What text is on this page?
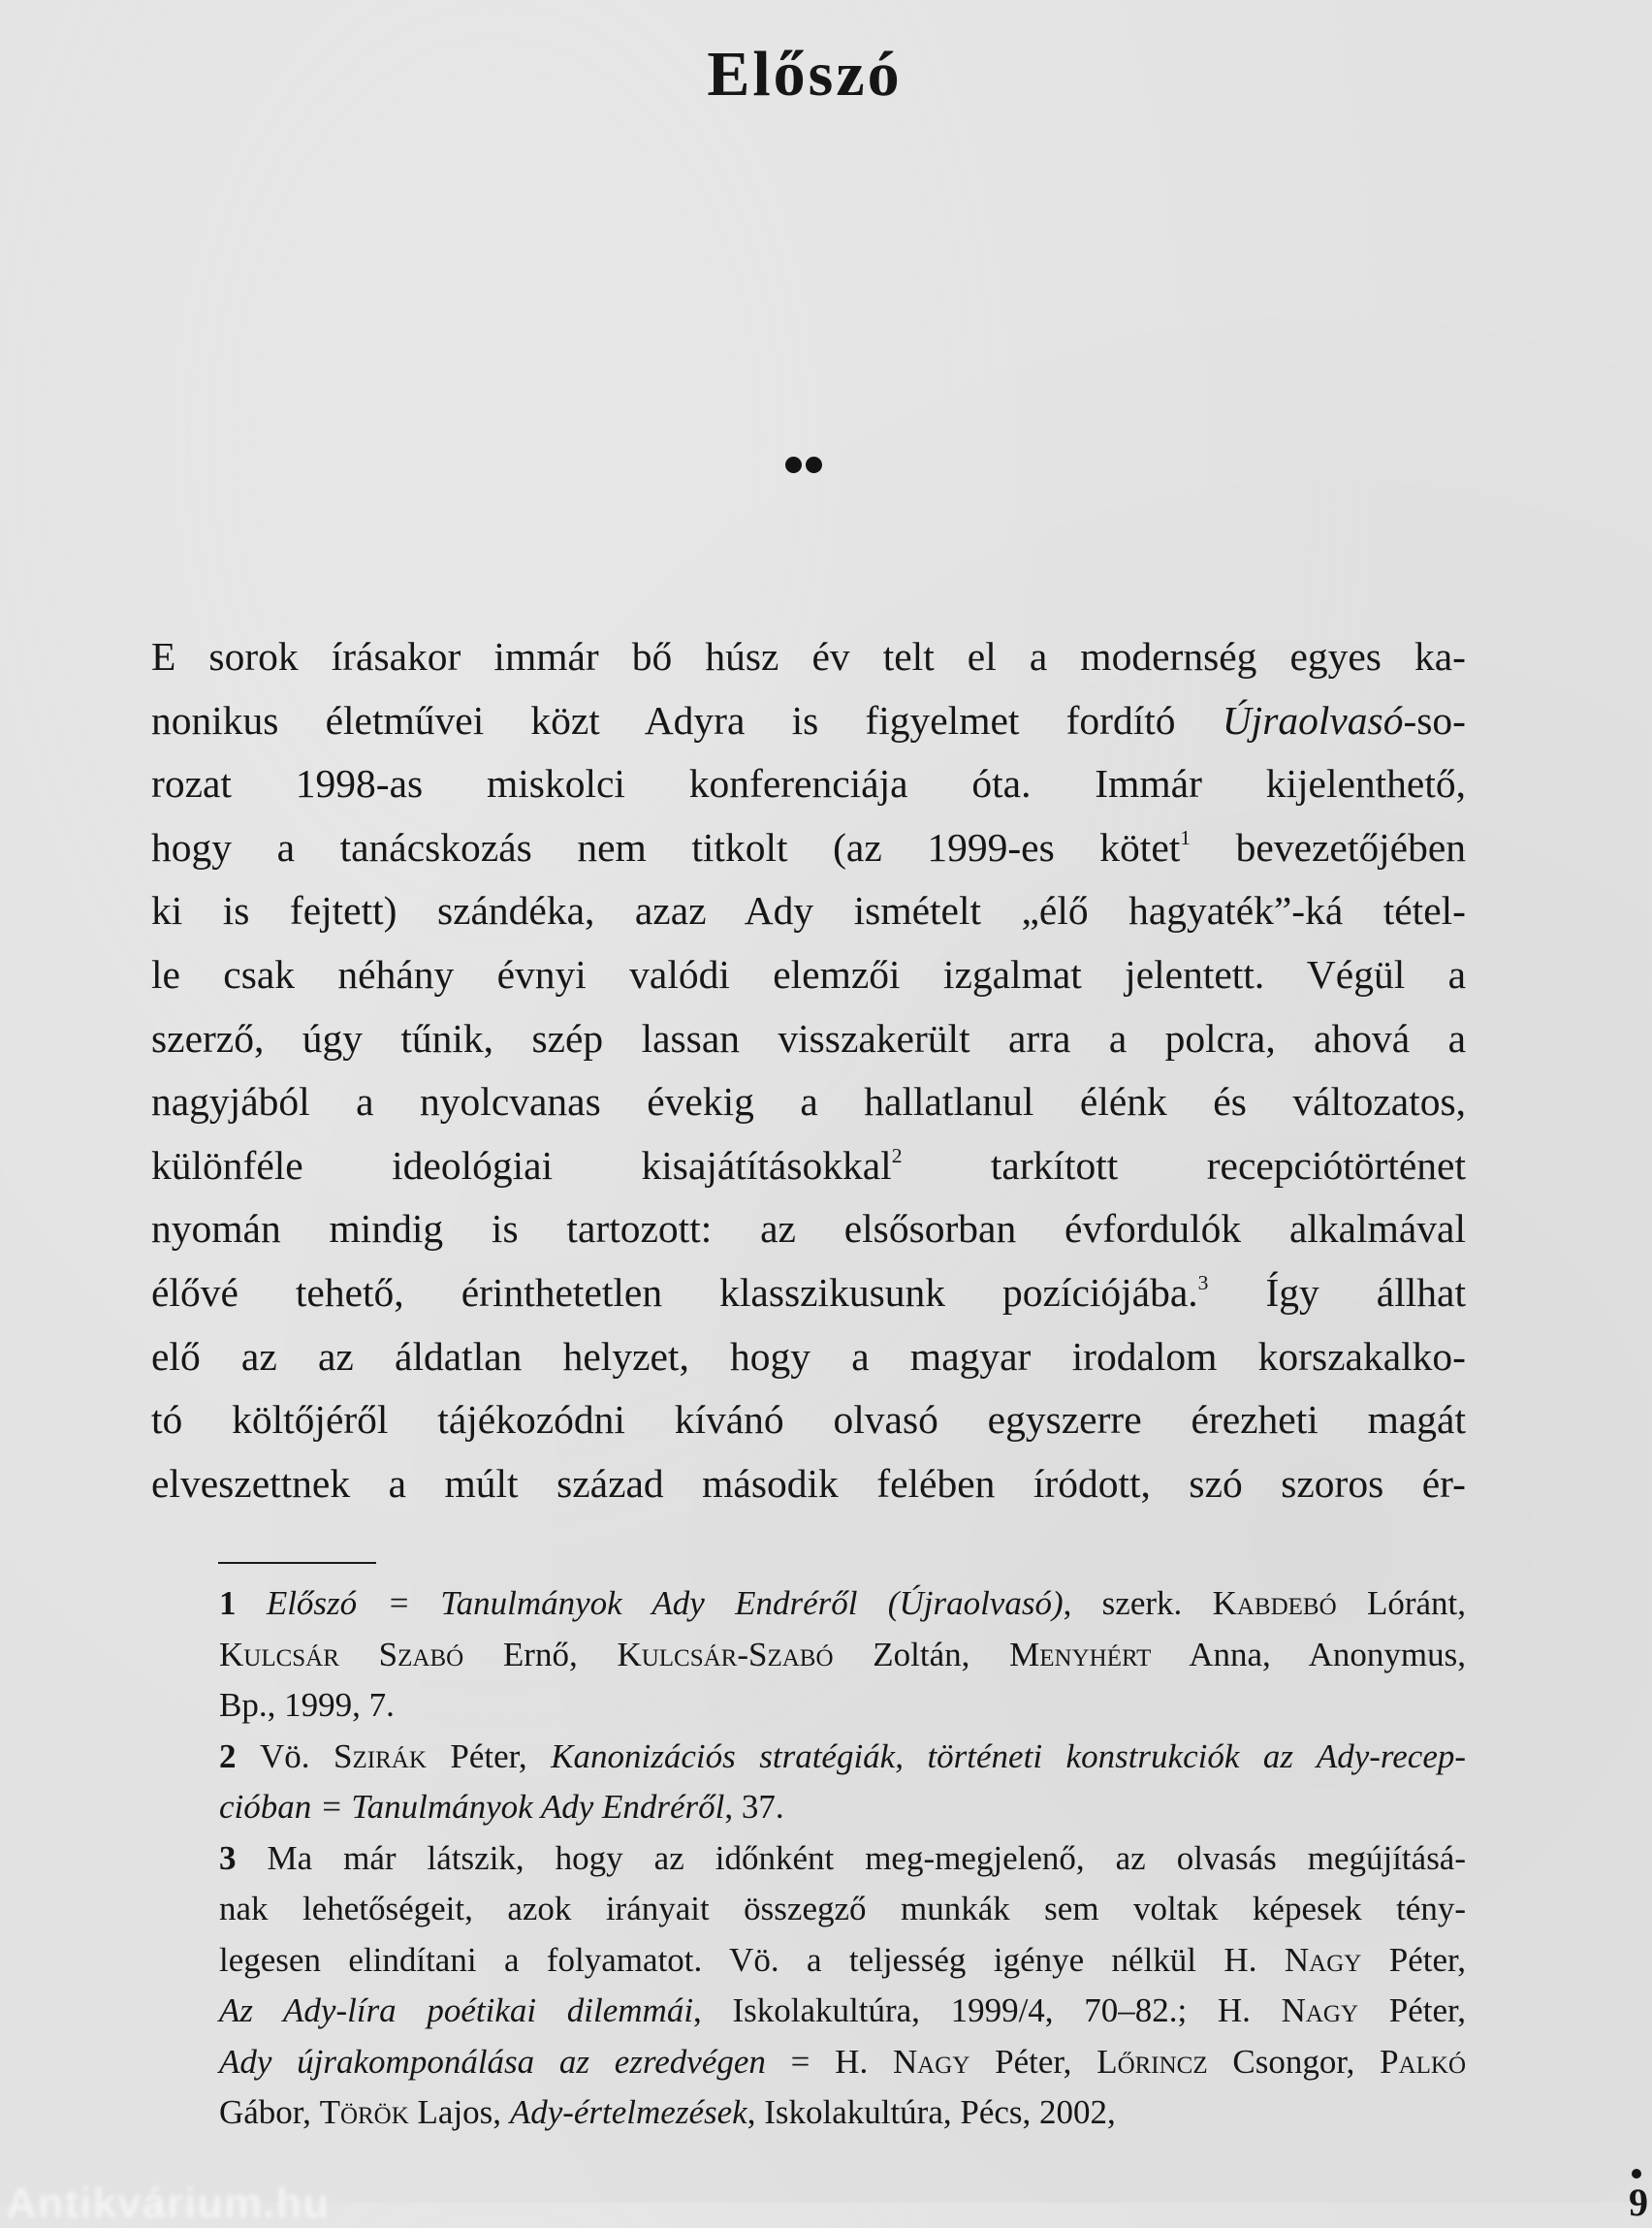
Előszó
E sorok írásakor immár bő húsz év telt el a modernség egyes ka-
nonikus életművei közt Adyra is figyelmet fordító Újraolvasó-so-
rozat 1998-as miskolci konferenciája óta. Immár kijelenthető,
hogy a tanácskozás nem titkolt (az 1999-es kötet$^1$ bevezetőjében
ki is fejtett) szándéka, azaz Ady ismételt „élő hagyaték”-ká tétel-
le csak néhány évnyi valódi elemzői izgalmat jelentett. Végül a
szerző, úgy tűnik, szép lassan visszakerült arra a polcra, ahová a
nagyjából a nyolcvanas évekig a hallatlanul élénk és változatos,
különféle ideológiai kisajátításokkal$^2$ tarkított recepciótörténet
nyomán mindig is tartozott: az elsősorban évfordulók alkalmával
élővé tehető, érinthetetlen klasszikusunk pozíciójába.$^3$ Így állhat
elő az az áldatlan helyzet, hogy a magyar irodalom korszakalko-
tó költőjéről tájékozódni kívánó olvasó egyszerre érezheti magát
elveszettnek a múlt század második felében íródott, szó szoros ér-
1 Előszó = Tanulmányok Ady Endréről (Újraolvasó), szerk. Kabdebó Lóránt,
Kulcsár Szabó Ernő, Kulcsár-Szabó Zoltán, Menyhért Anna, Anonymus,
Bp., 1999, 7.
2 Vö. Szirák Péter, Kanonizációs stratégiák, történeti konstrukciók az Ady-recep-
cióban = Tanulmányok Ady Endréről, 37.
3 Ma már látszik, hogy az időnként meg-megjelenő, az olvasás megújításá-
nak lehetőségeit, azok irányait összegző munkák sem voltak képesek tény-
legesen elindítani a folyamatot. Vö. a teljesség igénye nélkül H. Nagy Péter,
Az Ady-líra poétikai dilemmái, Iskolakultúra, 1999/4, 70–82.; H. Nagy Péter,
Ady újrakomponálása az ezredvégen = H. Nagy Péter, Lőrincz Csongor, Palkó
Gábor, Török Lajos, Ady-értelmezések, Iskolakultúra, Pécs, 2002,
Antikvárium.hu	9
